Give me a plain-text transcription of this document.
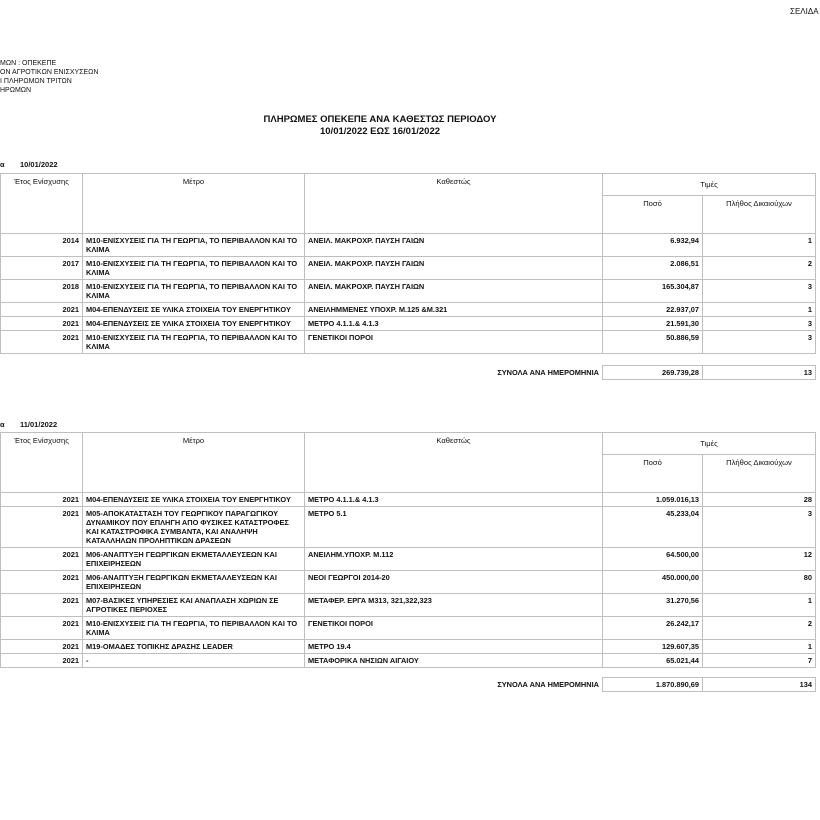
ΣΕΛΙΔΑ
ΜΩΝ : ΟΠΕΚΕΠΕ
ΟΝ ΑΓΡΟΤΙΚΩΝ ΕΝΙΣΧΥΣΕΩΝ
Ι ΠΛΗΡΩΜΩΝ ΤΡΙΤΩΝ
ΗΡΩΜΩΝ
ΠΛΗΡΩΜΕΣ ΟΠΕΚΕΠΕ ΑΝΑ ΚΑΘΕΣΤΩΣ ΠΕΡΙΟΔΟΥ
10/01/2022 ΕΩΣ 16/01/2022
α 10/01/2022
Έτος Ενίσχυσης	Μέτρο	Καθεστώς	Τιμές	
			Ποσό	Πλήθος Δικαιούχων
2014	Μ10-ΕΝΙΣΧΥΣΕΙΣ ΓΙΑ ΤΗ ΓΕΩΡΓΙΑ, ΤΟ ΠΕΡΙΒΑΛΛΟΝ ΚΑΙ ΤΟ ΚΛΙΜΑ	ΑΝΕΙΛ. ΜΑΚΡΟΧΡ. ΠΑΥΣΗ ΓΑΙΩΝ	6.932,94	1
2017	Μ10-ΕΝΙΣΧΥΣΕΙΣ ΓΙΑ ΤΗ ΓΕΩΡΓΙΑ, ΤΟ ΠΕΡΙΒΑΛΛΟΝ ΚΑΙ ΤΟ ΚΛΙΜΑ	ΑΝΕΙΛ. ΜΑΚΡΟΧΡ. ΠΑΥΣΗ ΓΑΙΩΝ	2.086,51	2
2018	Μ10-ΕΝΙΣΧΥΣΕΙΣ ΓΙΑ ΤΗ ΓΕΩΡΓΙΑ, ΤΟ ΠΕΡΙΒΑΛΛΟΝ ΚΑΙ ΤΟ ΚΛΙΜΑ	ΑΝΕΙΛ. ΜΑΚΡΟΧΡ. ΠΑΥΣΗ ΓΑΙΩΝ	165.304,87	3
2021	Μ04-ΕΠΕΝΔΥΣΕΙΣ ΣΕ ΥΛΙΚΑ ΣΤΟΙΧΕΙΑ ΤΟΥ ΕΝΕΡΓΗΤΙΚΟΥ	ΑΝΕΙΛΗΜΜΕΝΕΣ ΥΠΟΧΡ. Μ.125 &Μ.321	22.937,07	1
2021	Μ04-ΕΠΕΝΔΥΣΕΙΣ ΣΕ ΥΛΙΚΑ ΣΤΟΙΧΕΙΑ ΤΟΥ ΕΝΕΡΓΗΤΙΚΟΥ	ΜΕΤΡΟ 4.1.1.& 4.1.3	21.591,30	3
2021	Μ10-ΕΝΙΣΧΥΣΕΙΣ ΓΙΑ ΤΗ ΓΕΩΡΓΙΑ, ΤΟ ΠΕΡΙΒΑΛΛΟΝ ΚΑΙ ΤΟ ΚΛΙΜΑ	ΓΕΝΕΤΙΚΟΙ ΠΟΡΟΙ	50.886,59	3

ΣΥΝΟΛΑ ΑΝΑ ΗΜΕΡΟΜΗΝΙΑ			269.739,28	13
α 11/01/2022
Έτος Ενίσχυσης	Μέτρο	Καθεστώς	Τιμές	
			Ποσό	Πλήθος Δικαιούχων
2021	Μ04-ΕΠΕΝΔΥΣΕΙΣ ΣΕ ΥΛΙΚΑ ΣΤΟΙΧΕΙΑ ΤΟΥ ΕΝΕΡΓΗΤΙΚΟΥ	ΜΕΤΡΟ 4.1.1.& 4.1.3	1.059.016,13	28
2021	Μ05-ΑΠΟΚΑΤΑΣΤΑΣΗ ΤΟΥ ΓΕΩΡΓΙΚΟΥ ΠΑΡΑΓΩΓΙΚΟΥ ΔΥΝΑΜΙΚΟΥ ΠΟΥ ΕΠΛΗΓΗ ΑΠΟ ΦΥΣΙΚΕΣ ΚΑΤΑΣΤΡΟΦΕΣ ΚΑΙ ΚΑΤΑΣΤΡΟΦΙΚΑ ΣΥΜΒΑΝΤΑ, ΚΑΙ ΑΝΑΛΗΨΗ ΚΑΤΑΛΛΗΛΩΝ ΠΡΟΛΗΠΤΙΚΩΝ ΔΡΑΣΕΩΝ	ΜΕΤΡΟ 5.1	45.233,04	3
2021	Μ06-ΑΝΑΠΤΥΞΗ ΓΕΩΡΓΙΚΩΝ ΕΚΜΕΤΑΛΛΕΥΣΕΩΝ ΚΑΙ ΕΠΙΧΕΙΡΗΣΕΩΝ	ΑΝΕΙΛΗΜ.ΥΠΟΧΡ. Μ.112	64.500,00	12
2021	Μ06-ΑΝΑΠΤΥΞΗ ΓΕΩΡΓΙΚΩΝ ΕΚΜΕΤΑΛΛΕΥΣΕΩΝ ΚΑΙ ΕΠΙΧΕΙΡΗΣΕΩΝ	ΝΕΟΙ ΓΕΩΡΓΟΙ 2014-20	450.000,00	80
2021	Μ07-ΒΑΣΙΚΕΣ ΥΠΗΡΕΣΙΕΣ ΚΑΙ ΑΝΑΠΛΑΣΗ ΧΩΡΙΩΝ ΣΕ ΑΓΡΟΤΙΚΕΣ ΠΕΡΙΟΧΕΣ	ΜΕΤΑΦΕΡ. ΕΡΓΑ Μ313, 321,322,323	31.270,56	1
2021	Μ10-ΕΝΙΣΧΥΣΕΙΣ ΓΙΑ ΤΗ ΓΕΩΡΓΙΑ, ΤΟ ΠΕΡΙΒΑΛΛΟΝ ΚΑΙ ΤΟ ΚΛΙΜΑ	ΓΕΝΕΤΙΚΟΙ ΠΟΡΟΙ	26.242,17	2
2021	Μ19-ΟΜΑΔΕΣ ΤΟΠΙΚΗΣ ΔΡΑΣΗΣ LEADER	ΜΕΤΡΟ 19.4	129.607,35	1
2021	-	ΜΕΤΑΦΟΡΙΚΑ ΝΗΣΙΩΝ ΑΙΓΑΙΟΥ	65.021,44	7

ΣΥΝΟΛΑ ΑΝΑ ΗΜΕΡΟΜΗΝΙΑ			1.870.890,69	134
